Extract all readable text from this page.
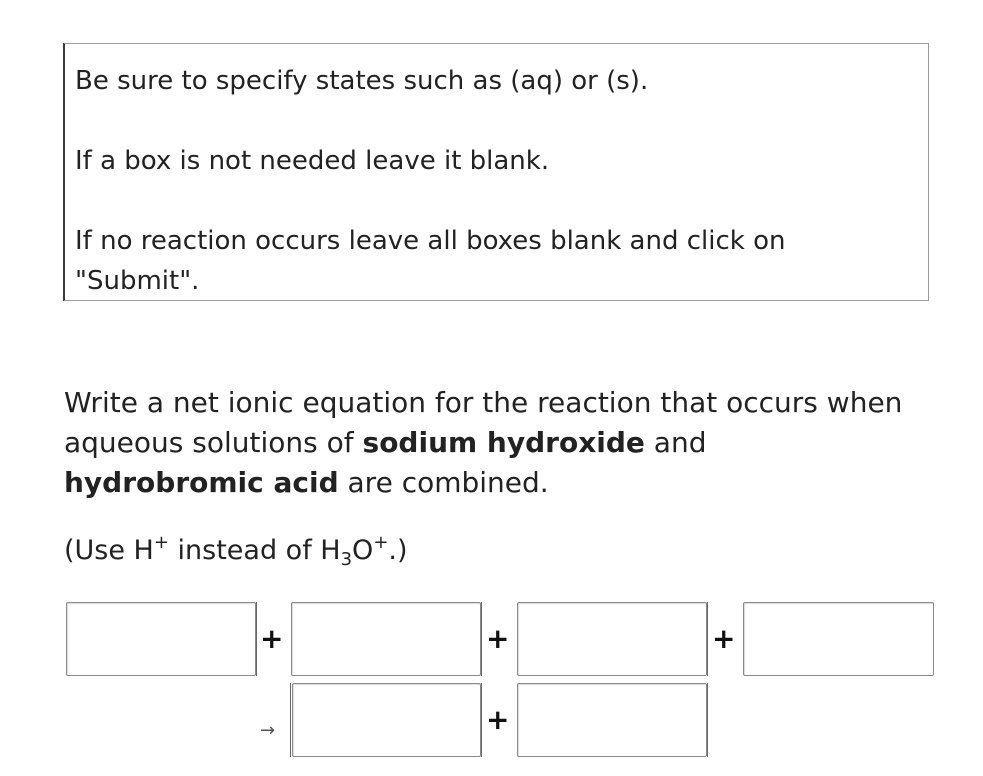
Be sure to specify states such as (aq) or (s).

If a box is not needed leave it blank.

If no reaction occurs leave all boxes blank and click on

"Submit".

Write a net ionic equation for the reaction that occurs when aqueous solutions of sodium hydroxide and
hydrobromic acid are combined.

(Use H+ instead of $H_3O^+$.)

+	+	+
→	+
